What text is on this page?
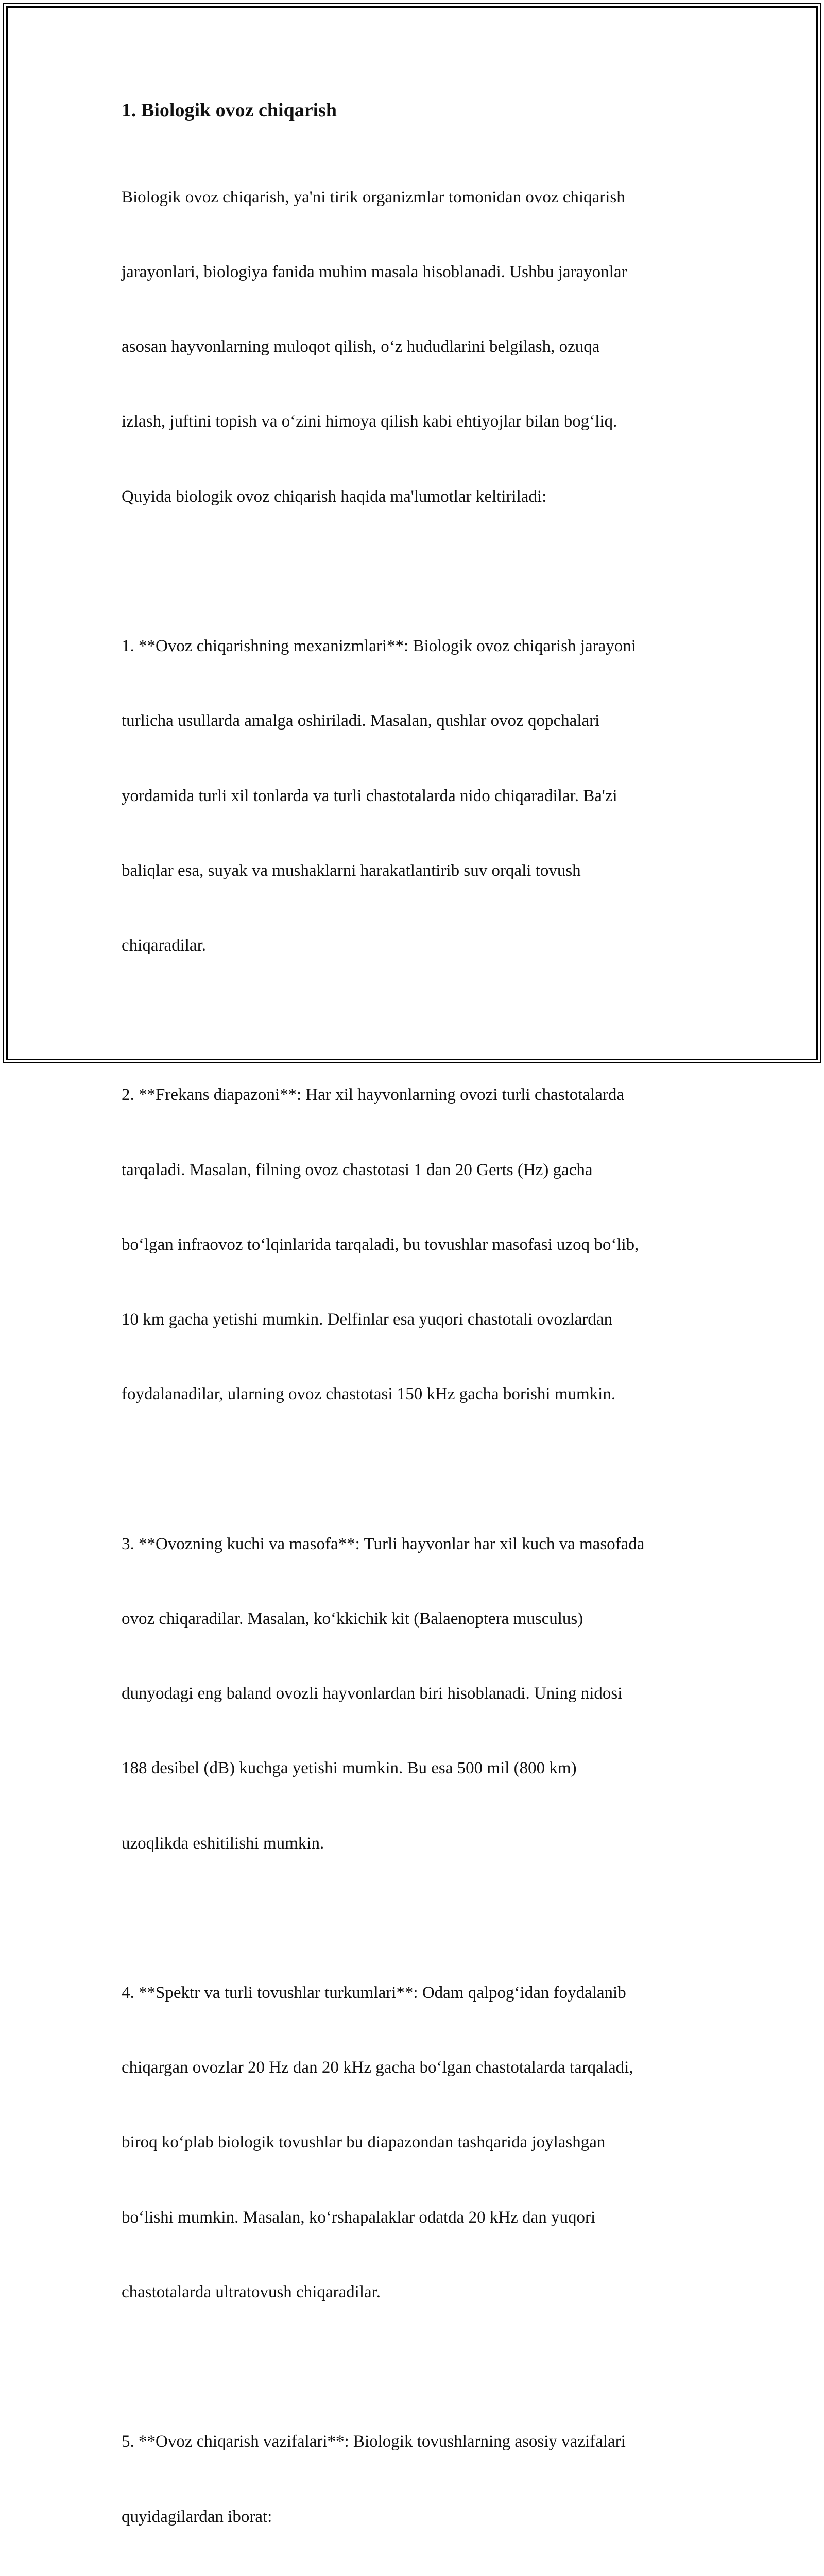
1. Biologik ovoz chiqarish

Biologik ovoz chiqarish, ya'ni tirik organizmlar tomonidan ovoz chiqarish

jarayonlari, biologiya fanida muhim masala hisoblanadi. Ushbu jarayonlar

asosan hayvonlarning muloqot qilish, o‘z hududlarini belgilash, ozuqa

izlash, juftini topish va o‘zini himoya qilish kabi ehtiyojlar bilan bog‘liq.

Quyida biologik ovoz chiqarish haqida ma'lumotlar keltiriladi:

1. **Ovoz chiqarishning mexanizmlari**: Biologik ovoz chiqarish jarayoni

turlicha usullarda amalga oshiriladi. Masalan, qushlar ovoz qopchalari

yordamida turli xil tonlarda va turli chastotalarda nido chiqaradilar. Ba'zi

baliqlar esa, suyak va mushaklarni harakatlantirib suv orqali tovush

chiqaradilar.

2. **Frekans diapazoni**: Har xil hayvonlarning ovozi turli chastotalarda

tarqaladi. Masalan, filning ovoz chastotasi 1 dan 20 Gerts (Hz) gacha

bo‘lgan infraovoz to‘lqinlarida tarqaladi, bu tovushlar masofasi uzoq bo‘lib,

10 km gacha yetishi mumkin. Delfinlar esa yuqori chastotali ovozlardan

foydalanadilar, ularning ovoz chastotasi 150 kHz gacha borishi mumkin.

3. **Ovozning kuchi va masofa**: Turli hayvonlar har xil kuch va masofada

ovoz chiqaradilar. Masalan, ko‘kkichik kit (Balaenoptera musculus)

dunyodagi eng baland ovozli hayvonlardan biri hisoblanadi. Uning nidosi

188 desibel (dB) kuchga yetishi mumkin. Bu esa 500 mil (800 km)

uzoqlikda eshitilishi mumkin.

4. **Spektr va turli tovushlar turkumlari**: Odam qalpog‘idan foydalanib

chiqargan ovozlar 20 Hz dan 20 kHz gacha bo‘lgan chastotalarda tarqaladi,

biroq ko‘plab biologik tovushlar bu diapazondan tashqarida joylashgan

bo‘lishi mumkin. Masalan, ko‘rshapalaklar odatda 20 kHz dan yuqori

chastotalarda ultratovush chiqaradilar.

5. **Ovoz chiqarish vazifalari**: Biologik tovushlarning asosiy vazifalari

quyidagilardan iborat:
